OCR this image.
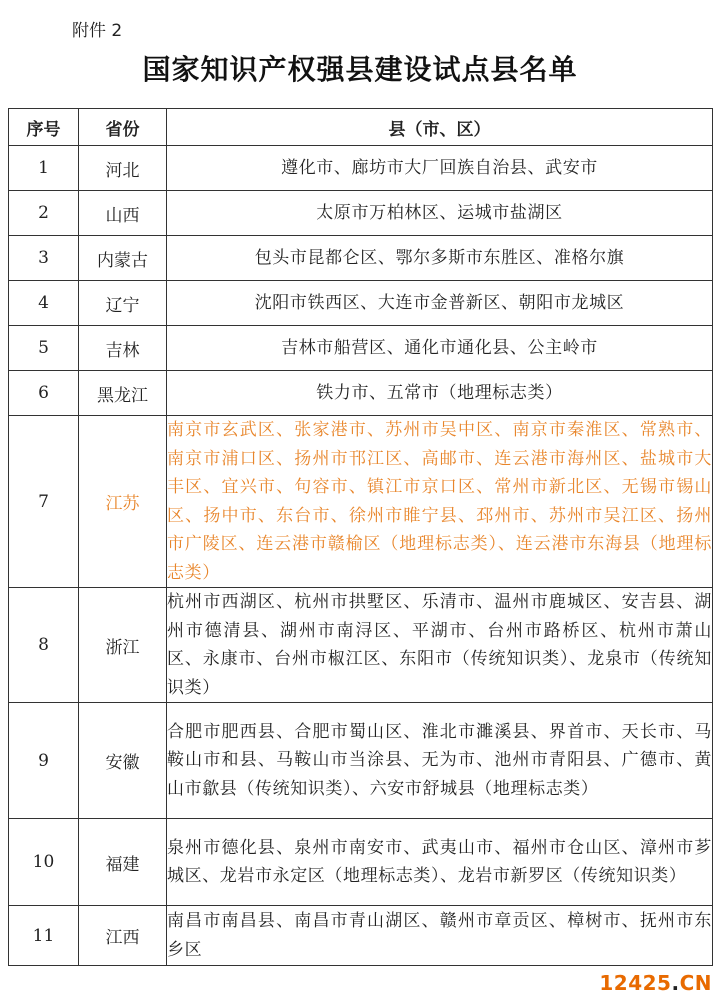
附件 2
国家知识产权强县建设试点县名单
序号	省份	县（市、区）
1	河北	遵化市、廊坊市大厂回族自治县、武安市
2	山西	太原市万柏林区、运城市盐湖区
3	内蒙古	包头市昆都仑区、鄂尔多斯市东胜区、准格尔旗
4	辽宁	沈阳市铁西区、大连市金普新区、朝阳市龙城区
5	吉林	吉林市船营区、通化市通化县、公主岭市
6	黑龙江	铁力市、五常市（地理标志类）
7	江苏	南京市玄武区、张家港市、苏州市吴中区、南京市秦淮区、常熟市、南京市浦口区、扬州市邗江区、高邮市、连云港市海州区、盐城市大丰区、宜兴市、句容市、镇江市京口区、常州市新北区、无锡市锡山区、扬中市、东台市、徐州市睢宁县、邳州市、苏州市吴江区、扬州市广陵区、连云港市赣榆区（地理标志类）、连云港市东海县（地理标志类）
8	浙江	杭州市西湖区、杭州市拱墅区、乐清市、温州市鹿城区、安吉县、湖州市德清县、湖州市南浔区、平湖市、台州市路桥区、杭州市萧山区、永康市、台州市椒江区、东阳市（传统知识类）、龙泉市（传统知识类）
9	安徽	合肥市肥西县、合肥市蜀山区、淮北市濉溪县、界首市、天长市、马鞍山市和县、马鞍山市当涂县、无为市、池州市青阳县、广德市、黄山市歙县（传统知识类）、六安市舒城县（地理标志类）
10	福建	泉州市德化县、泉州市南安市、武夷山市、福州市仓山区、漳州市芗城区、龙岩市永定区（地理标志类）、龙岩市新罗区（传统知识类）
11	江西	南昌市南昌县、南昌市青山湖区、赣州市章贡区、樟树市、抚州市东乡区
12425.CN
